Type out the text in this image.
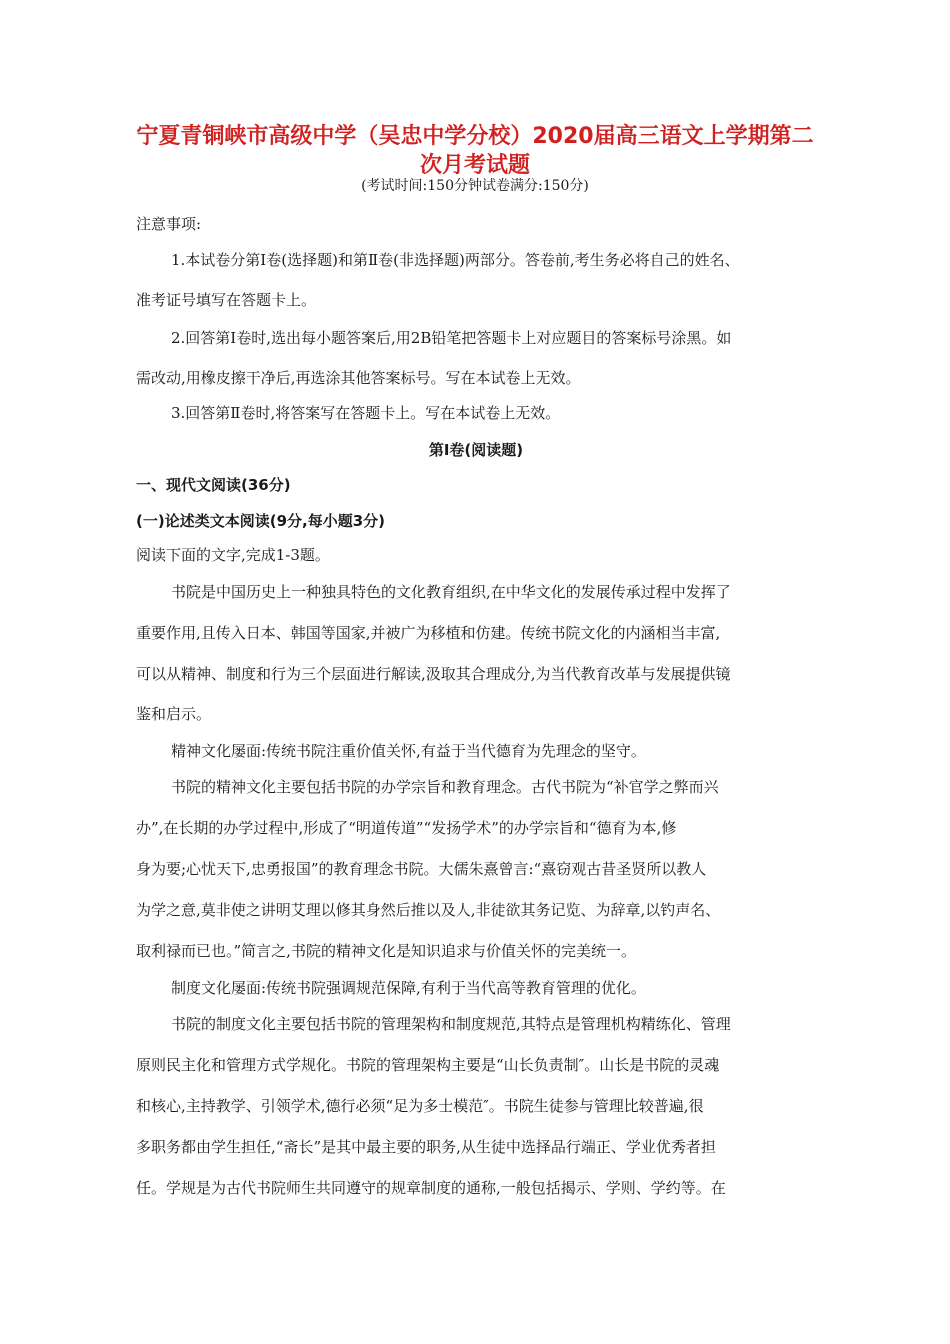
宁夏青铜峡市高级中学（吴忠中学分校）2020届高三语文上学期第二次月考试题

(考试时间:150分钟试卷满分:150分)

注意事项:

1.本试卷分第Ⅰ卷(选择题)和第Ⅱ卷(非选择题)两部分。答卷前,考生务必将自己的姓名、

准考证号填写在答题卡上。

2.回答第Ⅰ卷时,选出每小题答案后,用2B铅笔把答题卡上对应题目的答案标号涂黑。如

需改动,用橡皮擦干净后,再选涂其他答案标号。写在本试卷上无效。

3.回答第Ⅱ卷时,将答案写在答题卡上。写在本试卷上无效。

第Ⅰ卷(阅读题)

一、现代文阅读(36分)

(一)论述类文本阅读(9分,每小题3分)

阅读下面的文字,完成1-3题。

书院是中国历史上一种独具特色的文化教育组织,在中华文化的发展传承过程中发挥了

重要作用,且传入日本、韩国等国家,并被广为移植和仿建。传统书院文化的内涵相当丰富,

可以从精神、制度和行为三个层面进行解读,汲取其合理成分,为当代教育改革与发展提供镜

鉴和启示。

精神文化屡面:传统书院注重价值关怀,有益于当代德育为先理念的坚守。

书院的精神文化主要包括书院的办学宗旨和教育理念。古代书院为“补官学之弊而兴

办”,在长期的办学过程中,形成了“明道传道”“发扬学术”的办学宗旨和“德育为本,修

身为要;心忧天下,忠勇报国”的教育理念书院。大儒朱熹曾言:“熹窃观古昔圣贤所以教人

为学之意,莫非使之讲明艾理以修其身然后推以及人,非徒欲其务记览、为辞章,以钓声名、

取利禄而已也。”简言之,书院的精神文化是知识追求与价值关怀的完美统一。

制度文化屡面:传统书院强调规范保障,有利于当代高等教育管理的优化。

书院的制度文化主要包括书院的管理架构和制度规范,其特点是管理机构精练化、管理

原则民主化和管理方式学规化。书院的管理架构主要是“山长负责制″。山长是书院的灵魂

和核心,主持教学、引领学术,德行必须“足为多士模范″。书院生徒参与管理比较普遍,很

多职务都由学生担任,“斋长”是其中最主要的职务,从生徒中选择品行端正、学业优秀者担

任。学规是为古代书院师生共同遵守的规章制度的通称,一般包括揭示、学则、学约等。在
